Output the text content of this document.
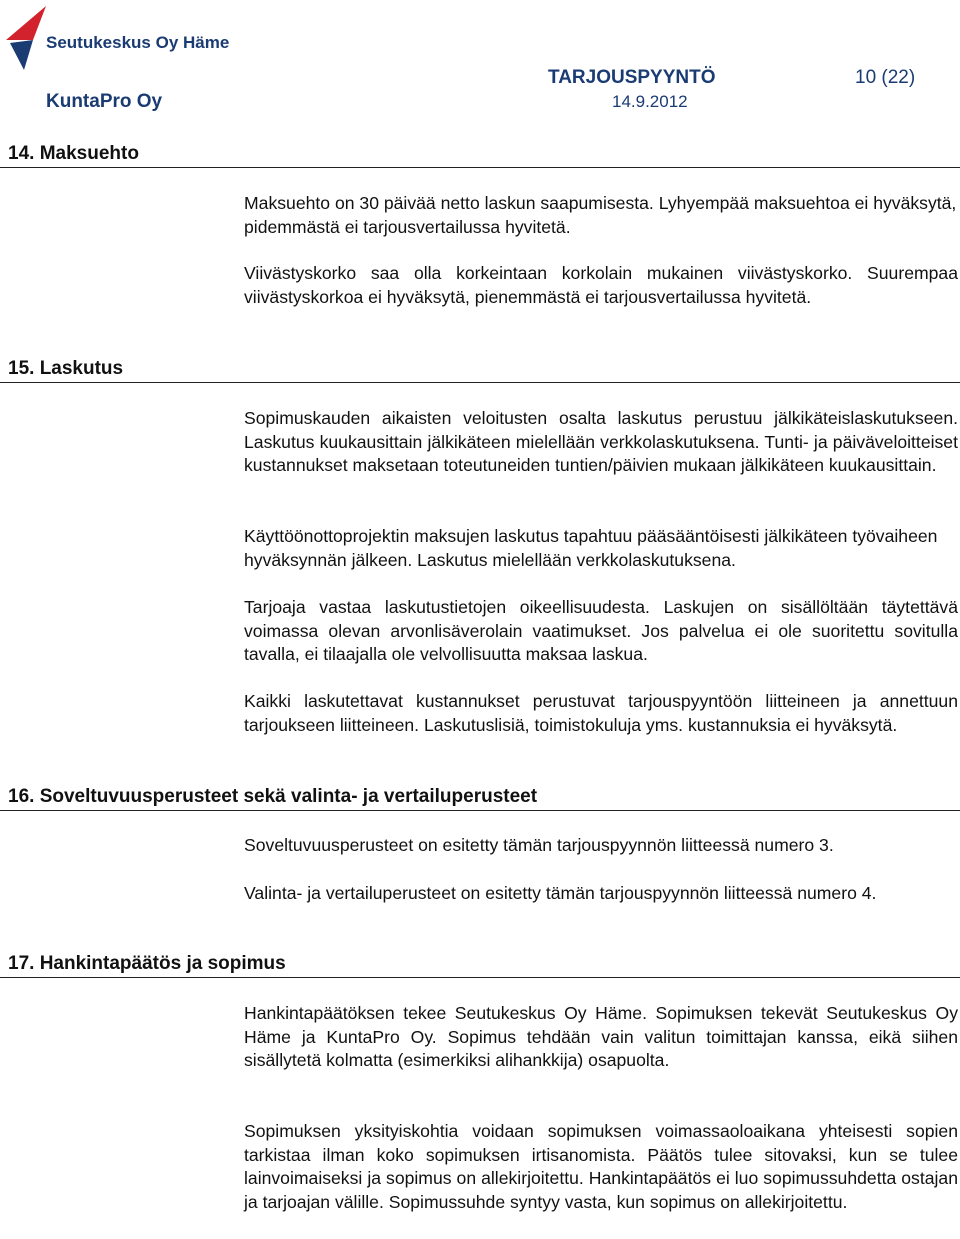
Seutukeskus Oy Häme
KuntaPro Oy
TARJOUSPYYNTÖ
14.9.2012
10 (22)
14. Maksuehto
Maksuehto on 30 päivää netto laskun saapumisesta. Lyhyempää maksuehtoa ei hyväksytä, pidemmästä ei tarjousvertailussa hyvitetä.
Viivästyskorko saa olla korkeintaan korkolain mukainen viivästyskorko. Suurempaa viivästyskorkoa ei hyväksytä, pienemmästä ei tarjousvertailussa hyvitetä.
15. Laskutus
Sopimuskauden aikaisten veloitusten osalta laskutus perustuu jälkikäteislaskutukseen. Laskutus kuukausittain jälkikäteen mielellään verkkolaskutuksena. Tunti- ja päiväveloitteiset kustannukset maksetaan toteutuneiden tuntien/päivien mukaan jälkikäteen kuukausittain.
Käyttöönottoprojektin maksujen laskutus tapahtuu pääsääntöisesti jälkikäteen työvaiheen hyväksynnän jälkeen. Laskutus mielellään verkkolaskutuksena.
Tarjoaja vastaa laskutustietojen oikeellisuudesta. Laskujen on sisällöltään täytettävä voimassa olevan arvonlisäverolain vaatimukset. Jos palvelua ei ole suoritettu sovitulla tavalla, ei tilaajalla ole velvollisuutta maksaa laskua.
Kaikki laskutettavat kustannukset perustuvat tarjouspyyntöön liitteineen ja annettuun tarjoukseen liitteineen. Laskutuslisiä, toimistokuluja yms. kustannuksia ei hyväksytä.
16. Soveltuvuusperusteet sekä valinta- ja vertailuperusteet
Soveltuvuusperusteet on esitetty tämän tarjouspyynnön liitteessä numero 3.
Valinta- ja vertailuperusteet on esitetty tämän tarjouspyynnön liitteessä numero 4.
17. Hankintapäätös ja sopimus
Hankintapäätöksen tekee Seutukeskus Oy Häme. Sopimuksen tekevät Seutukeskus Oy Häme ja KuntaPro Oy. Sopimus tehdään vain valitun toimittajan kanssa, eikä siihen sisällytetä kolmatta (esimerkiksi alihankkija) osapuolta.
Sopimuksen yksityiskohtia voidaan sopimuksen voimassaoloaikana yhteisesti sopien tarkistaa ilman koko sopimuksen irtisanomista. Päätös tulee sitovaksi, kun se tulee lainvoimaiseksi ja sopimus on allekirjoitettu. Hankintapäätös ei luo sopimussuhdetta ostajan ja tarjoajan välille. Sopimussuhde syntyy vasta, kun sopimus on allekirjoitettu.
